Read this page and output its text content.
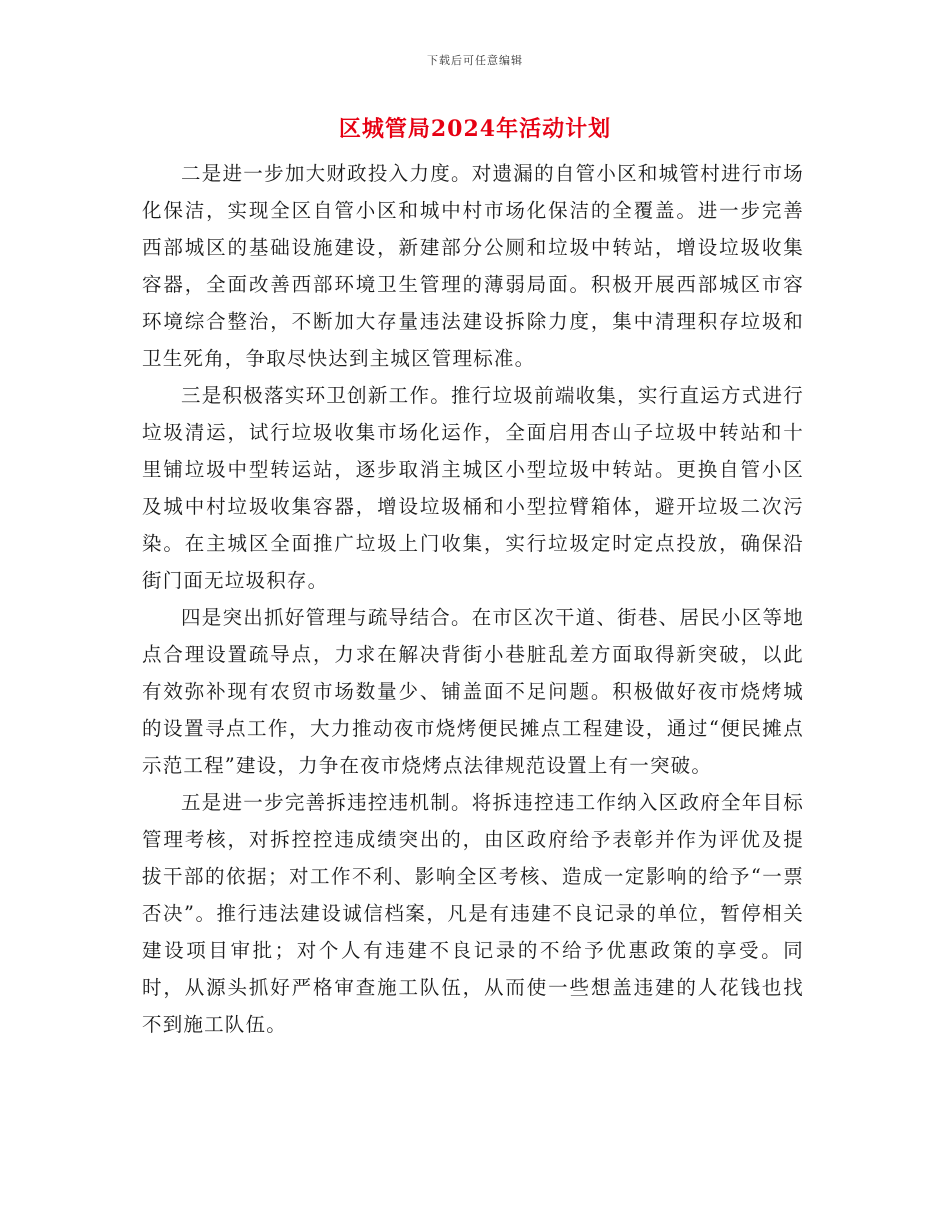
下载后可任意编辑
区城管局2024年活动计划

二是进一步加大财政投入力度。对遗漏的自管小区和城管村进行市场化保洁，实现全区自管小区和城中村市场化保洁的全覆盖。进一步完善西部城区的基础设施建设，新建部分公厕和垃圾中转站，增设垃圾收集容器，全面改善西部环境卫生管理的薄弱局面。积极开展西部城区市容环境综合整治，不断加大存量违法建设拆除力度，集中清理积存垃圾和卫生死角，争取尽快达到主城区管理标准。

三是积极落实环卫创新工作。推行垃圾前端收集，实行直运方式进行垃圾清运，试行垃圾收集市场化运作，全面启用杏山子垃圾中转站和十里铺垃圾中型转运站，逐步取消主城区小型垃圾中转站。更换自管小区及城中村垃圾收集容器，增设垃圾桶和小型拉臂箱体，避开垃圾二次污染。在主城区全面推广垃圾上门收集，实行垃圾定时定点投放，确保沿街门面无垃圾积存。

四是突出抓好管理与疏导结合。在市区次干道、街巷、居民小区等地点合理设置疏导点，力求在解决背街小巷脏乱差方面取得新突破，以此有效弥补现有农贸市场数量少、铺盖面不足问题。积极做好夜市烧烤城的设置寻点工作，大力推动夜市烧烤便民摊点工程建设，通过“便民摊点示范工程”建设，力争在夜市烧烤点法律规范设置上有一突破。

五是进一步完善拆违控违机制。将拆违控违工作纳入区政府全年目标管理考核，对拆控控违成绩突出的，由区政府给予表彰并作为评优及提拔干部的依据；对工作不利、影响全区考核、造成一定影响的给予“一票否决”。推行违法建设诚信档案，凡是有违建不良记录的单位，暂停相关建设项目审批；对个人有违建不良记录的不给予优惠政策的享受。同时，从源头抓好严格审查施工队伍，从而使一些想盖违建的人花钱也找不到施工队伍。
